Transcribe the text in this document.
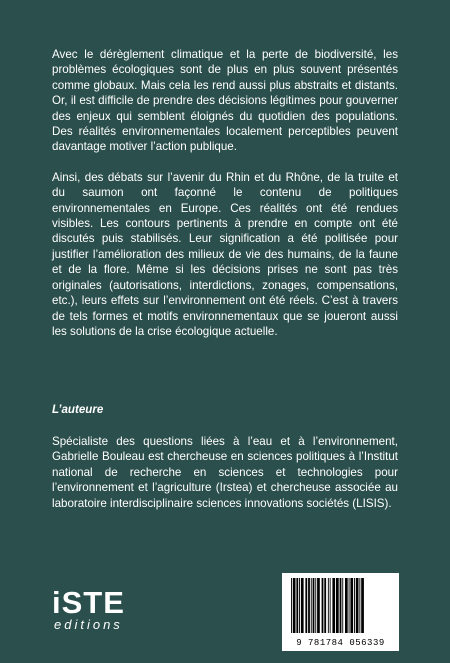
Avec le dérèglement climatique et la perte de biodiversité, les problèmes écologiques sont de plus en plus souvent présentés comme globaux. Mais cela les rend aussi plus abstraits et distants. Or, il est difficile de prendre des décisions légitimes pour gouverner des enjeux qui semblent éloignés du quotidien des populations. Des réalités environnementales localement perceptibles peuvent davantage motiver l’action publique.

Ainsi, des débats sur l’avenir du Rhin et du Rhône, de la truite et du saumon ont façonné le contenu de politiques environnementales en Europe. Ces réalités ont été rendues visibles. Les contours pertinents à prendre en compte ont été discutés puis stabilisés. Leur signification a été politisée pour justifier l’amélioration des milieux de vie des humains, de la faune et de la flore. Même si les décisions prises ne sont pas très originales (autorisations, interdictions, zonages, compensations, etc.), leurs effets sur l’environnement ont été réels. C’est à travers de tels formes et motifs environnementaux que se joueront aussi les solutions de la crise écologique actuelle.

L’auteure
Spécialiste des questions liées à l’eau et à l’environnement, Gabrielle Bouleau est chercheuse en sciences politiques à l’Institut national de recherche en sciences et technologies pour l’environnement et l’agriculture (Irstea) et chercheuse associée au laboratoire interdisciplinaire sciences innovations sociétés (LISIS).
iSTE
editions
9 781784 056339
